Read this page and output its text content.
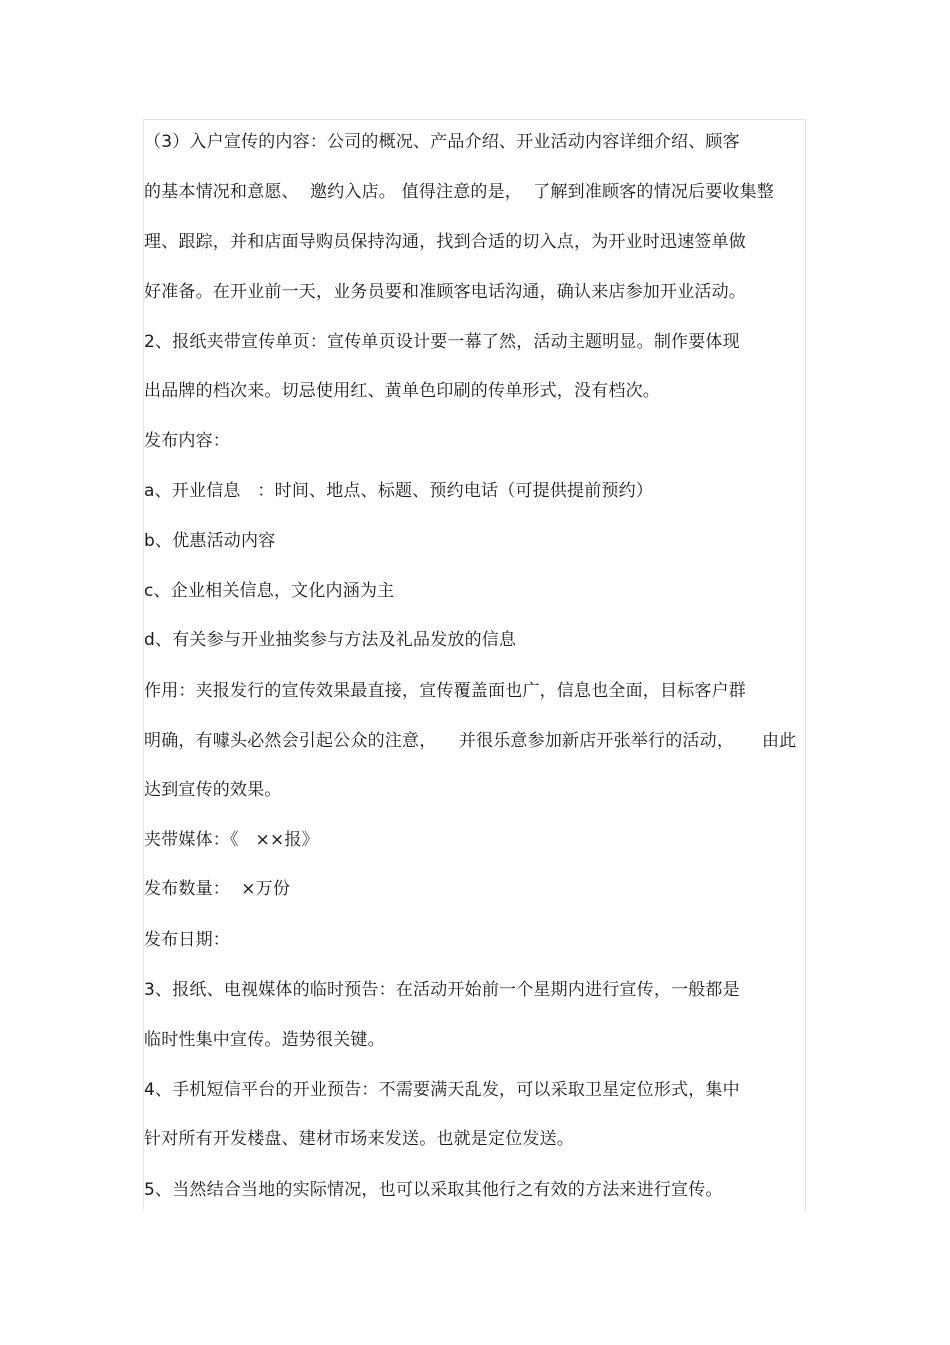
（3）入户宣传的内容：公司的概况、产品介绍、开业活动内容详细介绍、顾客
的基本情况和意愿、  邀约入店。 值得注意的是，  了解到准顾客的情况后要收集整
理、跟踪，并和店面导购员保持沟通，找到合适的切入点，为开业时迅速签单做
好准备。在开业前一天，业务员要和准顾客电话沟通，确认来店参加开业活动。
2、报纸夹带宣传单页：宣传单页设计要一幕了然，活动主题明显。制作要体现
出品牌的档次来。切忌使用红、黄单色印刷的传单形式，没有档次。
发布内容：
a、开业信息   ：时间、地点、标题、预约电话（可提供提前预约）
b、优惠活动内容
c、企业相关信息，文化内涵为主
d、有关参与开业抽奖参与方法及礼品发放的信息
作用：夹报发行的宣传效果最直接，宣传覆盖面也广，信息也全面，目标客户群
明确，有噱头必然会引起公众的注意，    并很乐意参加新店开张举行的活动，     由此
达到宣传的效果。
夹带媒体：《   ××报》
发布数量：  ×万份
发布日期：
3、报纸、电视媒体的临时预告：在活动开始前一个星期内进行宣传，一般都是
临时性集中宣传。造势很关键。
4、手机短信平台的开业预告：不需要满天乱发，可以采取卫星定位形式，集中
针对所有开发楼盘、建材市场来发送。也就是定位发送。
5、当然结合当地的实际情况，也可以采取其他行之有效的方法来进行宣传。
